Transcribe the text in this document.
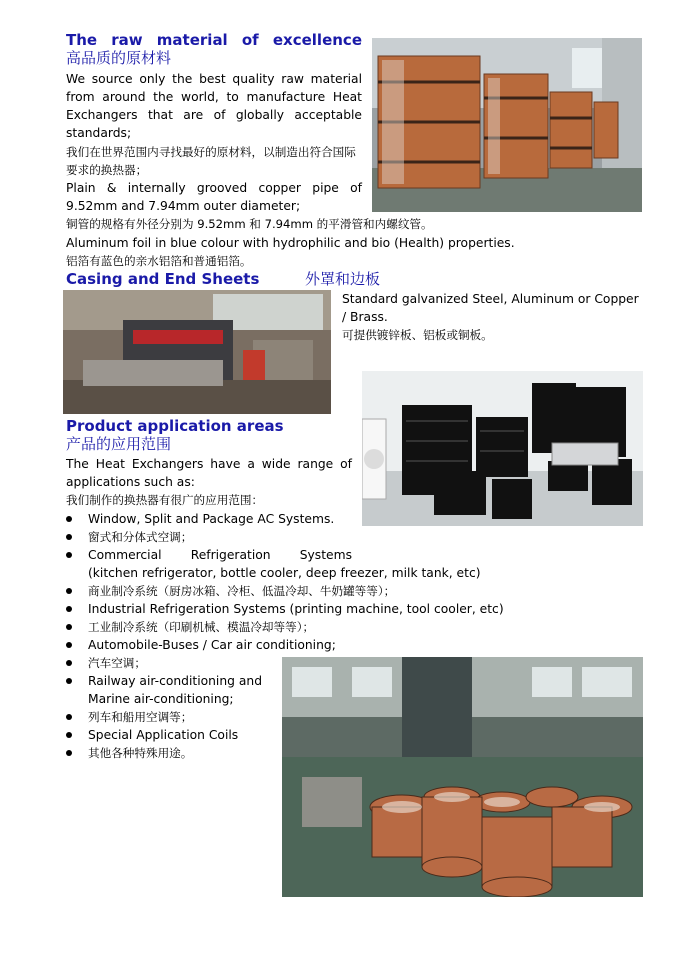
The raw material of excellence
高品质的原材料
We source only the best quality raw material from around the world, to manufacture Heat Exchangers that are of globally acceptable standards;
我们在世界范围内寻找最好的原材料，以制造出符合国际要求的换热器；
Plain & internally grooved copper pipe of 9.52mm and 7.94mm outer diameter;
铜管的规格有外径分别为 9.52mm 和 7.94mm 的平滑管和内螺纹管。
Aluminum foil in blue colour with hydrophilic and bio (Health) properties.
铝箔有蓝色的亲水铝箔和普通铝箔。
Casing and End Sheets	外罩和边板
Standard galvanized Steel, Aluminum or Copper / Brass.
可提供镀锌板、铝板或铜板。
Product application areas
产品的应用范围
The Heat Exchangers have a wide range of applications such as:
我们制作的换热器有很广的应用范围：
Window, Split and Package AC Systems.
窗式和分体式空调；
Commercial Refrigeration Systems
(kitchen refrigerator, bottle cooler, deep freezer, milk tank, etc)
商业制冷系统（厨房冰箱、冷柜、低温冷却、牛奶罐等等）；
Industrial Refrigeration Systems (printing machine, tool cooler, etc)
工业制冷系统（印刷机械、模温冷却等等）；
Automobile-Buses / Car air conditioning;
汽车空调；
Railway air-conditioning and Marine air-conditioning;
列车和船用空调等；
Special Application Coils
其他各种特殊用途。
